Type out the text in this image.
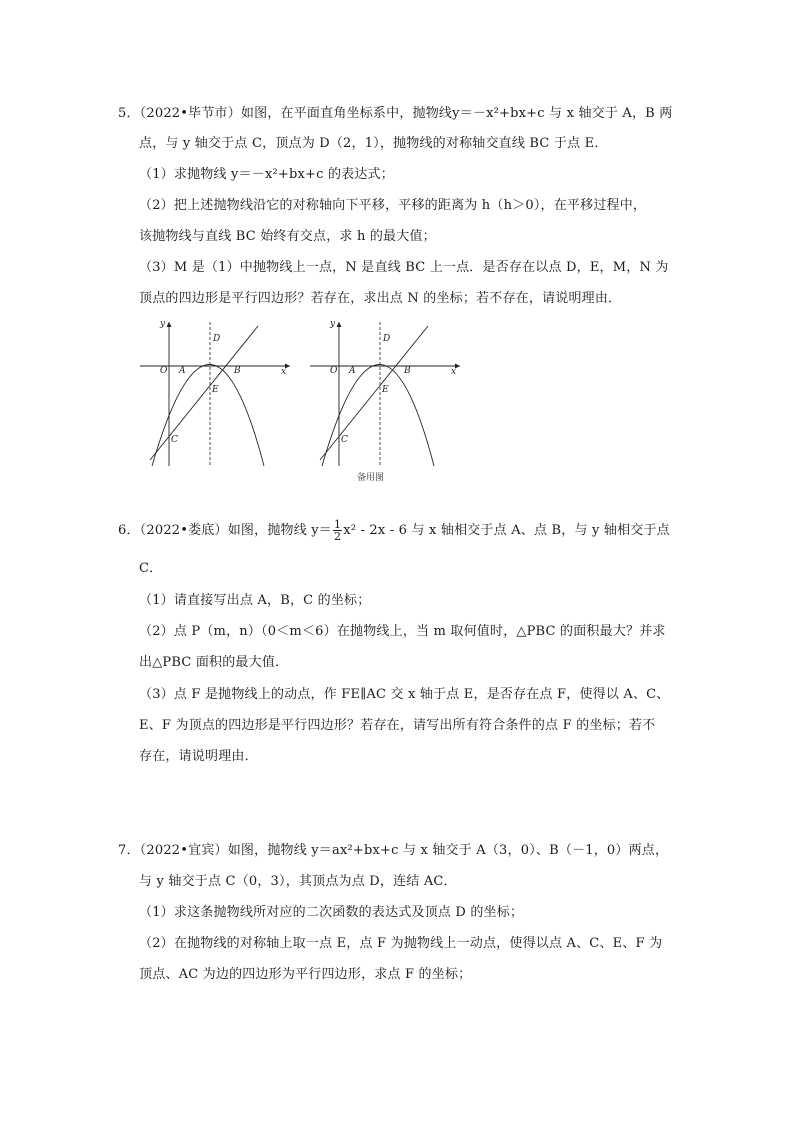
5．（2022•毕节市）如图，在平面直角坐标系中，抛物线y＝－x²+bx+c 与 x 轴交于 A，B 两
点，与 y 轴交于点 C，顶点为 D（2，1），抛物线的对称轴交直线 BC 于点 E．
（1）求抛物线 y＝－x²+bx+c 的表达式；
（2）把上述抛物线沿它的对称轴向下平移，平移的距离为 h（h＞0），在平移过程中，
该抛物线与直线 BC 始终有交点，求 h 的最大值；
（3）M 是（1）中抛物线上一点，N 是直线 BC 上一点．是否存在以点 D，E，M，N 为
顶点的四边形是平行四边形？若存在，求出点 N 的坐标；若不存在，请说明理由．
y
x
O A	B
C
D
E
y
x
O A	B
C
D
E
备用图
6．（2022•娄底）如图，抛物线 $y= \frac{1}{2} x^2 - 2x - 6$ 与 x 轴相交于点 A、点 B，与 y 轴相交于点
C．
（1）请直接写出点 A，B，C 的坐标；
（2）点 P（m，n）（0＜m＜6）在抛物线上，当 m 取何值时，△PBC 的面积最大？并求
出△PBC 面积的最大值．
（3）点 F 是抛物线上的动点，作 FE∥AC 交 x 轴于点 E，是否存在点 F，使得以 A、C、
E、F 为顶点的四边形是平行四边形？若存在，请写出所有符合条件的点 F 的坐标；若不
存在，请说明理由．
7．（2022•宜宾）如图，抛物线 y＝ax²+bx+c 与 x 轴交于 A（3，0）、B（－1，0）两点，
与 y 轴交于点 C（0，3），其顶点为点 D，连结 AC．
（1）求这条抛物线所对应的二次函数的表达式及顶点 D 的坐标；
（2）在抛物线的对称轴上取一点 E，点 F 为抛物线上一动点，使得以点 A、C、E、F 为
顶点、AC 为边的四边形为平行四边形，求点 F 的坐标；
